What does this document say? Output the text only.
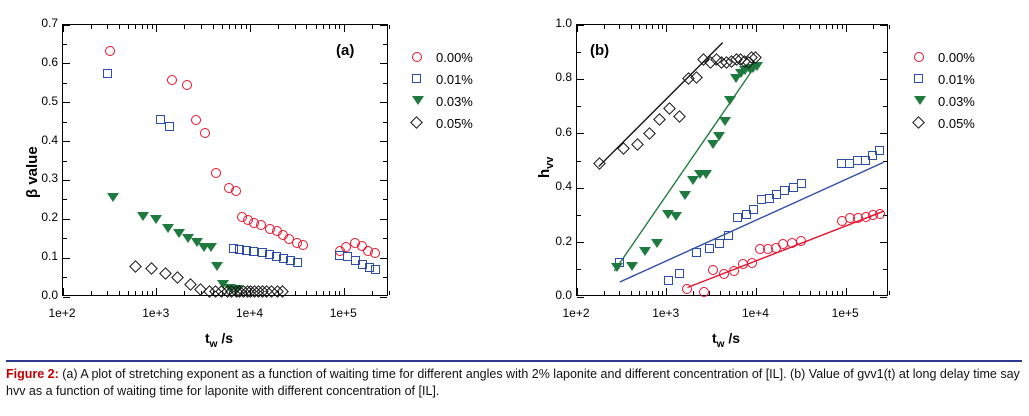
β value
(a)
$t_w$ /s
0.00%
0.01%
0.03%
0.05%
0.0
0.1
0.2
0.3
0.4
0.5
0.6
0.7
1e+2	1e+3	1e+4	1e+5
$h_{vv}$
(b)
$t_w$ /s
0.00%
0.01%
0.03%
0.05%
0.0
0.2
0.4
0.6
0.8
1.0
1e+2	1e+3	1e+4	1e+5
Figure 2: (a) A plot of stretching exponent as a function of waiting time for different angles with 2% laponite and different concentration of [IL]. (b) Value of gvv1(t) at long delay time say hvv as a function of waiting time for laponite with different concentration of [IL].
